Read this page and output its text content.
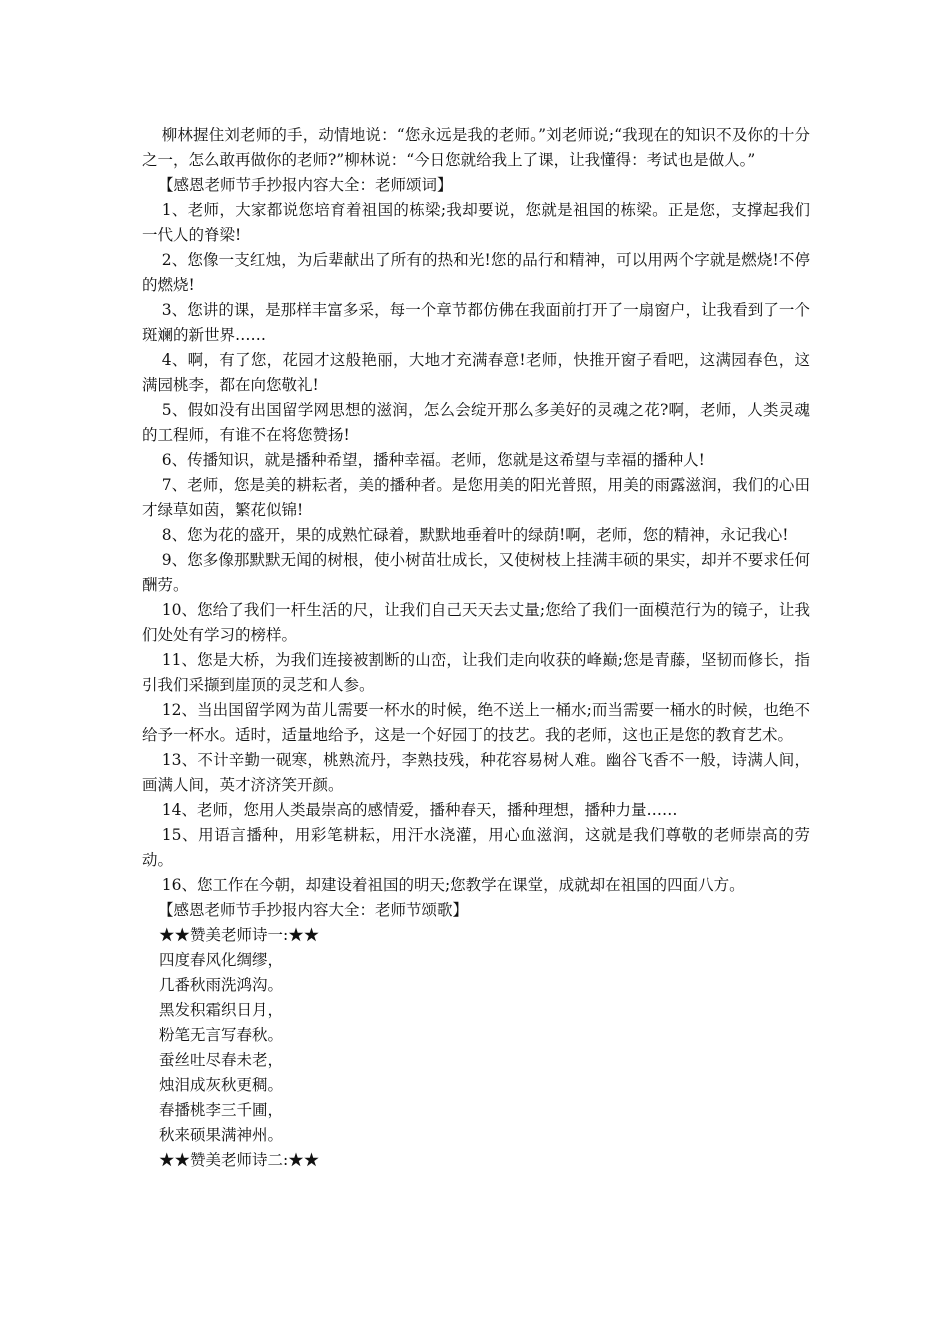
柳林握住刘老师的手，动情地说：“您永远是我的老师。”刘老师说;“我现在的知识不及你的十分之一，怎么敢再做你的老师?”柳林说：“今日您就给我上了课，让我懂得：考试也是做人。”

【感恩老师节手抄报内容大全：老师颂词】

1、老师，大家都说您培育着祖国的栋梁;我却要说，您就是祖国的栋梁。正是您，支撑起我们一代人的脊梁!

2、您像一支红烛，为后辈献出了所有的热和光!您的品行和精神，可以用两个字就是燃烧!不停的燃烧!

3、您讲的课，是那样丰富多采，每一个章节都仿佛在我面前打开了一扇窗户，让我看到了一个斑斓的新世界……

4、啊，有了您，花园才这般艳丽，大地才充满春意!老师，快推开窗子看吧，这满园春色，这满园桃李，都在向您敬礼!

5、假如没有出国留学网思想的滋润，怎么会绽开那么多美好的灵魂之花?啊，老师，人类灵魂的工程师，有谁不在将您赞扬!

6、传播知识，就是播种希望，播种幸福。老师，您就是这希望与幸福的播种人!

7、老师，您是美的耕耘者，美的播种者。是您用美的阳光普照，用美的雨露滋润，我们的心田才绿草如茵，繁花似锦!

8、您为花的盛开，果的成熟忙碌着，默默地垂着叶的绿荫!啊，老师，您的精神，永记我心!

9、您多像那默默无闻的树根，使小树苗壮成长，又使树枝上挂满丰硕的果实，却并不要求任何酬劳。

10、您给了我们一杆生活的尺，让我们自己天天去丈量;您给了我们一面模范行为的镜子，让我们处处有学习的榜样。

11、您是大桥，为我们连接被割断的山峦，让我们走向收获的峰巅;您是青藤，坚韧而修长，指引我们采撷到崖顶的灵芝和人参。

12、当出国留学网为苗儿需要一杯水的时候，绝不送上一桶水;而当需要一桶水的时候，也绝不给予一杯水。适时，适量地给予，这是一个好园丁的技艺。我的老师，这也正是您的教育艺术。

13、不计辛勤一砚寒，桃熟流丹，李熟技残，种花容易树人难。幽谷飞香不一般，诗满人间，画满人间，英才济济笑开颜。

14、老师，您用人类最崇高的感情爱，播种春天，播种理想，播种力量……

15、用语言播种，用彩笔耕耘，用汗水浇灌，用心血滋润，这就是我们尊敬的老师崇高的劳动。

16、您工作在今朝，却建设着祖国的明天;您教学在课堂，成就却在祖国的四面八方。

【感恩老师节手抄报内容大全：老师节颂歌】

★★赞美老师诗一:★★

四度春风化绸缪，

几番秋雨洗鸿沟。

黑发积霜织日月，

粉笔无言写春秋。

蚕丝吐尽春未老，

烛泪成灰秋更稠。

春播桃李三千圃，

秋来硕果满神州。

★★赞美老师诗二:★★
